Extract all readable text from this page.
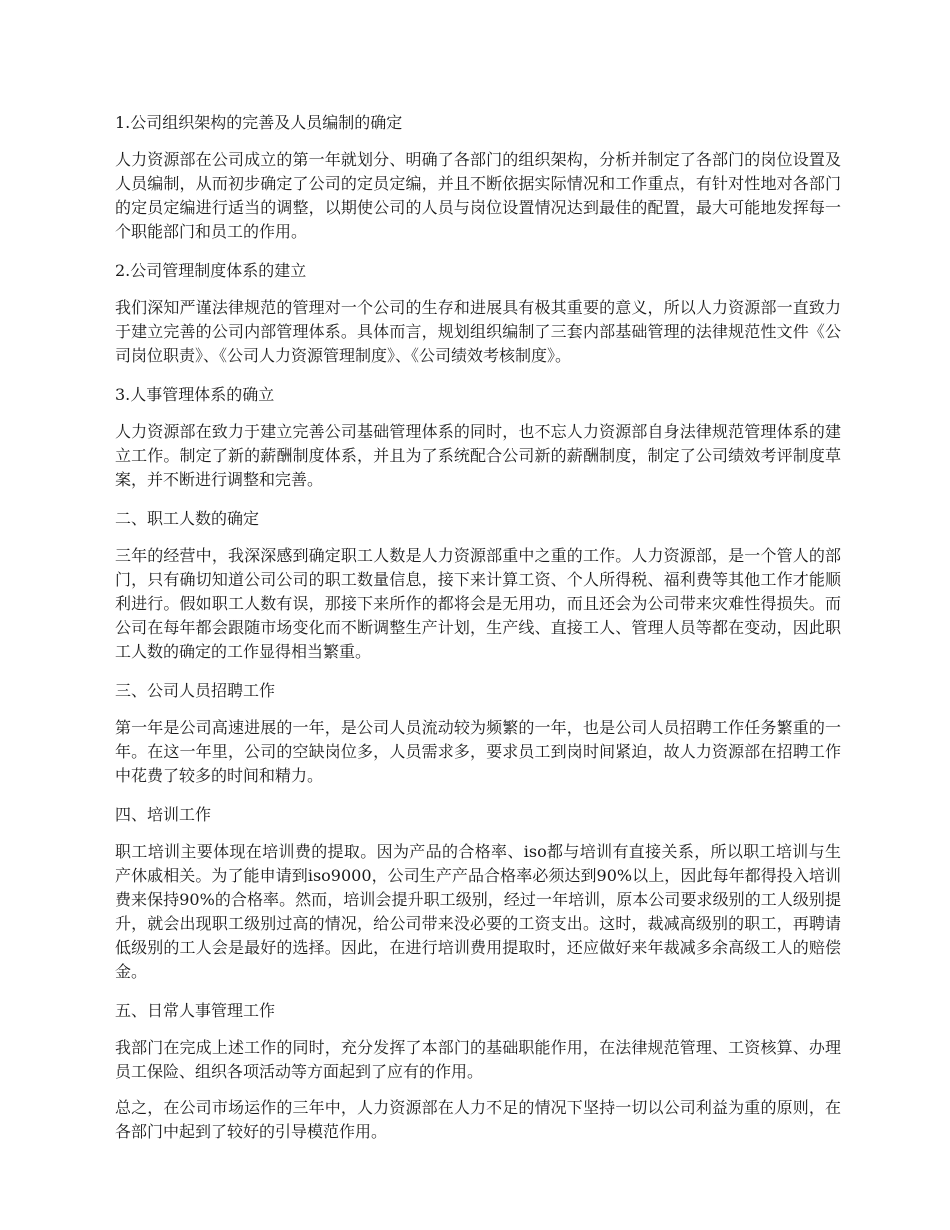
1.公司组织架构的完善及人员编制的确定

人力资源部在公司成立的第一年就划分、明确了各部门的组织架构，分析并制定了各部门的岗位设置及人员编制，从而初步确定了公司的定员定编，并且不断依据实际情况和工作重点，有针对性地对各部门的定员定编进行适当的调整，以期使公司的人员与岗位设置情况达到最佳的配置，最大可能地发挥每一个职能部门和员工的作用。

2.公司管理制度体系的建立

我们深知严谨法律规范的管理对一个公司的生存和进展具有极其重要的意义，所以人力资源部一直致力于建立完善的公司内部管理体系。具体而言，规划组织编制了三套内部基础管理的法律规范性文件《公司岗位职责》、《公司人力资源管理制度》、《公司绩效考核制度》。

3.人事管理体系的确立

人力资源部在致力于建立完善公司基础管理体系的同时，也不忘人力资源部自身法律规范管理体系的建立工作。制定了新的薪酬制度体系，并且为了系统配合公司新的薪酬制度，制定了公司绩效考评制度草案，并不断进行调整和完善。

二、职工人数的确定

三年的经营中，我深深感到确定职工人数是人力资源部重中之重的工作。人力资源部，是一个管人的部门，只有确切知道公司公司的职工数量信息，接下来计算工资、个人所得税、福利费等其他工作才能顺利进行。假如职工人数有误，那接下来所作的都将会是无用功，而且还会为公司带来灾难性得损失。而公司在每年都会跟随市场变化而不断调整生产计划，生产线、直接工人、管理人员等都在变动，因此职工人数的确定的工作显得相当繁重。

三、公司人员招聘工作

第一年是公司高速进展的一年，是公司人员流动较为频繁的一年，也是公司人员招聘工作任务繁重的一年。在这一年里，公司的空缺岗位多，人员需求多，要求员工到岗时间紧迫，故人力资源部在招聘工作中花费了较多的时间和精力。

四、培训工作

职工培训主要体现在培训费的提取。因为产品的合格率、iso都与培训有直接关系，所以职工培训与生产休戚相关。为了能申请到iso9000，公司生产产品合格率必须达到90%以上，因此每年都得投入培训费来保持90%的合格率。然而，培训会提升职工级别，经过一年培训，原本公司要求级别的工人级别提升，就会出现职工级别过高的情况，给公司带来没必要的工资支出。这时，裁减高级别的职工，再聘请低级别的工人会是最好的选择。因此，在进行培训费用提取时，还应做好来年裁减多余高级工人的赔偿金。

五、日常人事管理工作

我部门在完成上述工作的同时，充分发挥了本部门的基础职能作用，在法律规范管理、工资核算、办理员工保险、组织各项活动等方面起到了应有的作用。

总之，在公司市场运作的三年中，人力资源部在人力不足的情况下坚持一切以公司利益为重的原则，在各部门中起到了较好的引导模范作用。
